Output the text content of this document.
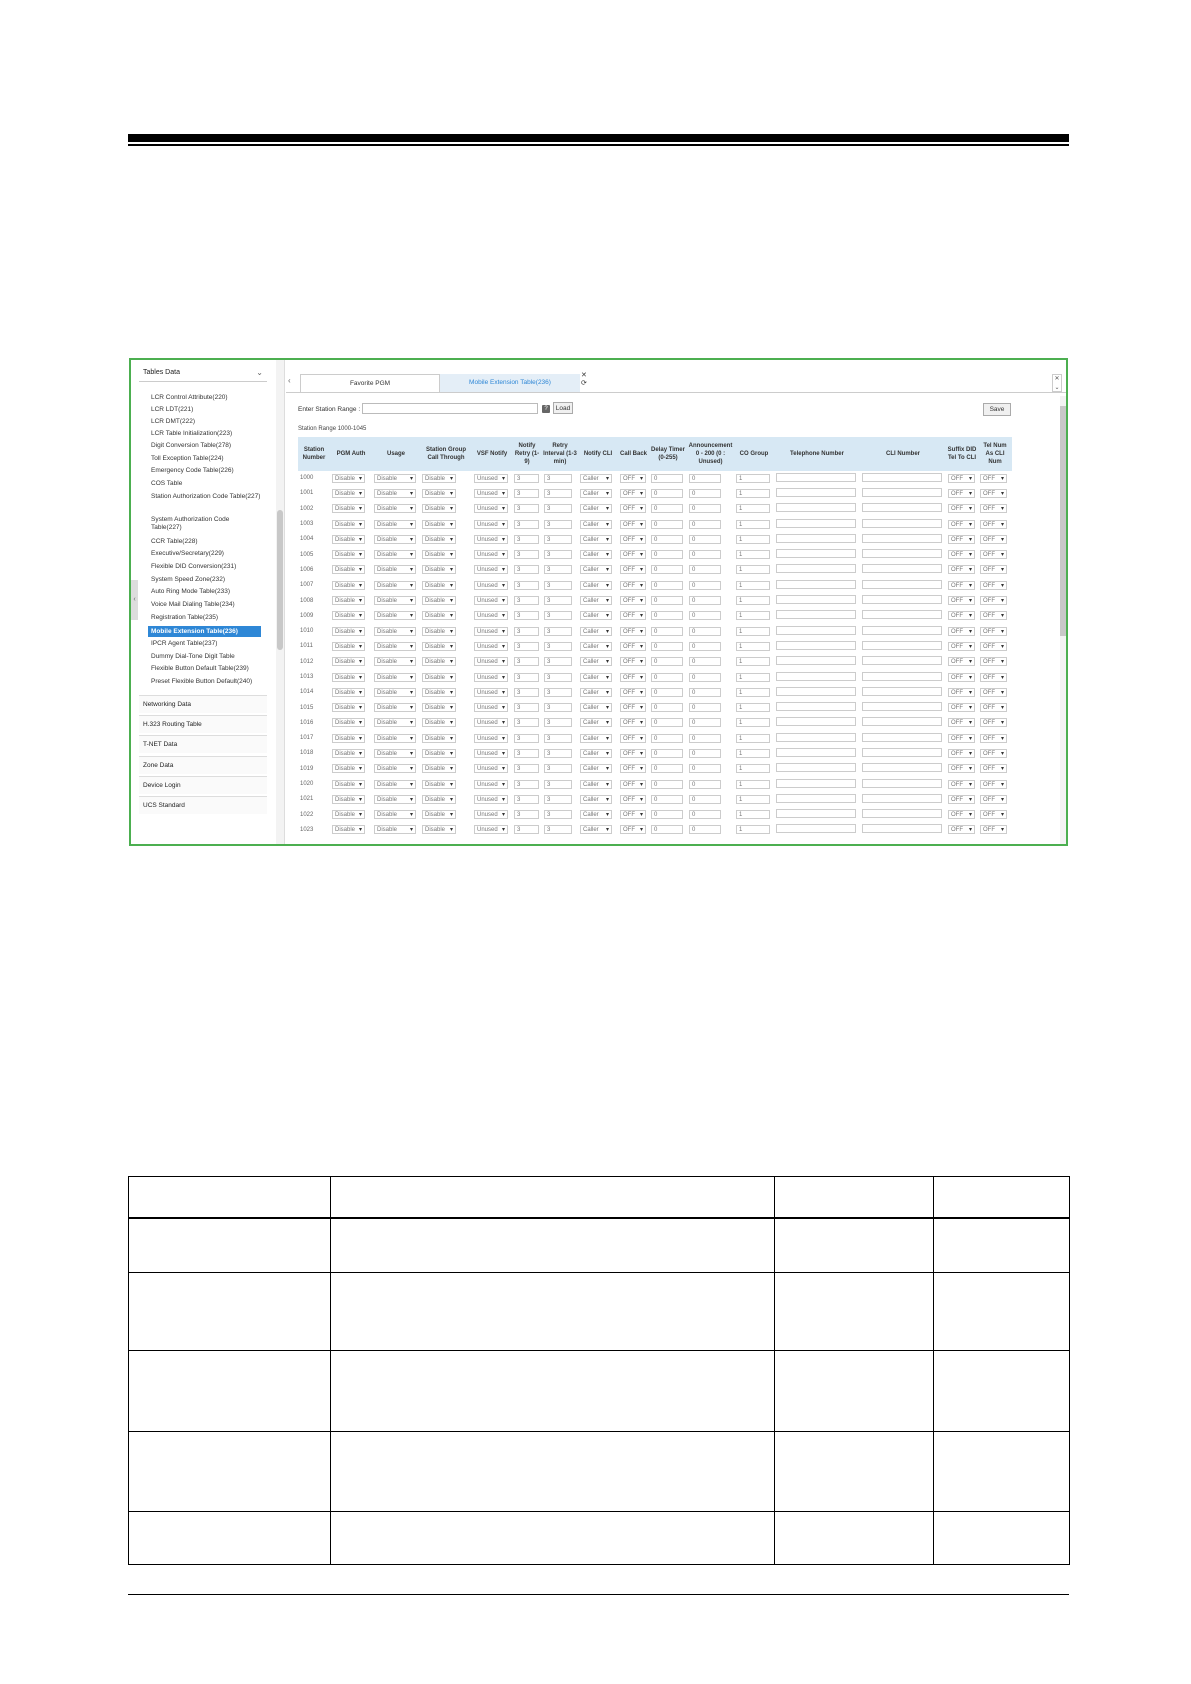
‹
Tables Data	⌄
LCR Control Attribute(220)
LCR LDT(221)
LCR DMT(222)
LCR Table Initialization(223)
Digit Conversion Table(278)
Toll Exception Table(224)
Emergency Code Table(226)
COS Table
Station Authorization Code Table(227)
System Authorization Code Table(227)
CCR Table(228)
Executive/Secretary(229)
Flexible DID Conversion(231)
System Speed Zone(232)
Auto Ring Mode Table(233)
Voice Mail Dialing Table(234)
Registration Table(235)
Mobile Extension Table(236)
IPCR Agent Table(237)
Dummy Dial-Tone Digit Table
Flexible Button Default Table(239)
Preset Flexible Button Default(240)
Networking Data
H.323 Routing Table
T-NET Data
Zone Data
Device Login
UCS Standard
‹	Favorite PGM	Mobile Extension Table(236)
✕
⟳
✕
⌄
Enter Station Range :	?	Load	Save
Station Range 1000-1045
Station Number	PGM Auth	Usage	Station Group Call Through	VSF Notify	Notify Retry (1-9)	Retry Interval (1-3 min)	Notify CLI	Call Back	Delay Timer (0-255)	Announcement 0 - 200 (0 : Unused)	CO Group	Telephone Number	CLI Number	Suffix DID Tel To CLI	Tel Num As CLI Num
1000	Disable ▾	Disable ▾	Disable ▾	Unused ▾	3	3	Caller ▾	OFF ▾	0	0	1			OFF ▾	OFF ▾
1001	Disable ▾	Disable ▾	Disable ▾	Unused ▾	3	3	Caller ▾	OFF ▾	0	0	1			OFF ▾	OFF ▾
1002	Disable ▾	Disable ▾	Disable ▾	Unused ▾	3	3	Caller ▾	OFF ▾	0	0	1			OFF ▾	OFF ▾
1003	Disable ▾	Disable ▾	Disable ▾	Unused ▾	3	3	Caller ▾	OFF ▾	0	0	1			OFF ▾	OFF ▾
1004	Disable ▾	Disable ▾	Disable ▾	Unused ▾	3	3	Caller ▾	OFF ▾	0	0	1			OFF ▾	OFF ▾
1005	Disable ▾	Disable ▾	Disable ▾	Unused ▾	3	3	Caller ▾	OFF ▾	0	0	1			OFF ▾	OFF ▾
1006	Disable ▾	Disable ▾	Disable ▾	Unused ▾	3	3	Caller ▾	OFF ▾	0	0	1			OFF ▾	OFF ▾
1007	Disable ▾	Disable ▾	Disable ▾	Unused ▾	3	3	Caller ▾	OFF ▾	0	0	1			OFF ▾	OFF ▾
1008	Disable ▾	Disable ▾	Disable ▾	Unused ▾	3	3	Caller ▾	OFF ▾	0	0	1			OFF ▾	OFF ▾
1009	Disable ▾	Disable ▾	Disable ▾	Unused ▾	3	3	Caller ▾	OFF ▾	0	0	1			OFF ▾	OFF ▾
1010	Disable ▾	Disable ▾	Disable ▾	Unused ▾	3	3	Caller ▾	OFF ▾	0	0	1			OFF ▾	OFF ▾
1011	Disable ▾	Disable ▾	Disable ▾	Unused ▾	3	3	Caller ▾	OFF ▾	0	0	1			OFF ▾	OFF ▾
1012	Disable ▾	Disable ▾	Disable ▾	Unused ▾	3	3	Caller ▾	OFF ▾	0	0	1			OFF ▾	OFF ▾
1013	Disable ▾	Disable ▾	Disable ▾	Unused ▾	3	3	Caller ▾	OFF ▾	0	0	1			OFF ▾	OFF ▾
1014	Disable ▾	Disable ▾	Disable ▾	Unused ▾	3	3	Caller ▾	OFF ▾	0	0	1			OFF ▾	OFF ▾
1015	Disable ▾	Disable ▾	Disable ▾	Unused ▾	3	3	Caller ▾	OFF ▾	0	0	1			OFF ▾	OFF ▾
1016	Disable ▾	Disable ▾	Disable ▾	Unused ▾	3	3	Caller ▾	OFF ▾	0	0	1			OFF ▾	OFF ▾
1017	Disable ▾	Disable ▾	Disable ▾	Unused ▾	3	3	Caller ▾	OFF ▾	0	0	1			OFF ▾	OFF ▾
1018	Disable ▾	Disable ▾	Disable ▾	Unused ▾	3	3	Caller ▾	OFF ▾	0	0	1			OFF ▾	OFF ▾
1019	Disable ▾	Disable ▾	Disable ▾	Unused ▾	3	3	Caller ▾	OFF ▾	0	0	1			OFF ▾	OFF ▾
1020	Disable ▾	Disable ▾	Disable ▾	Unused ▾	3	3	Caller ▾	OFF ▾	0	0	1			OFF ▾	OFF ▾
1021	Disable ▾	Disable ▾	Disable ▾	Unused ▾	3	3	Caller ▾	OFF ▾	0	0	1			OFF ▾	OFF ▾
1022	Disable ▾	Disable ▾	Disable ▾	Unused ▾	3	3	Caller ▾	OFF ▾	0	0	1			OFF ▾	OFF ▾
1023	Disable ▾	Disable ▾	Disable ▾	Unused ▾	3	3	Caller ▾	OFF ▾	0	0	1			OFF ▾	OFF ▾
